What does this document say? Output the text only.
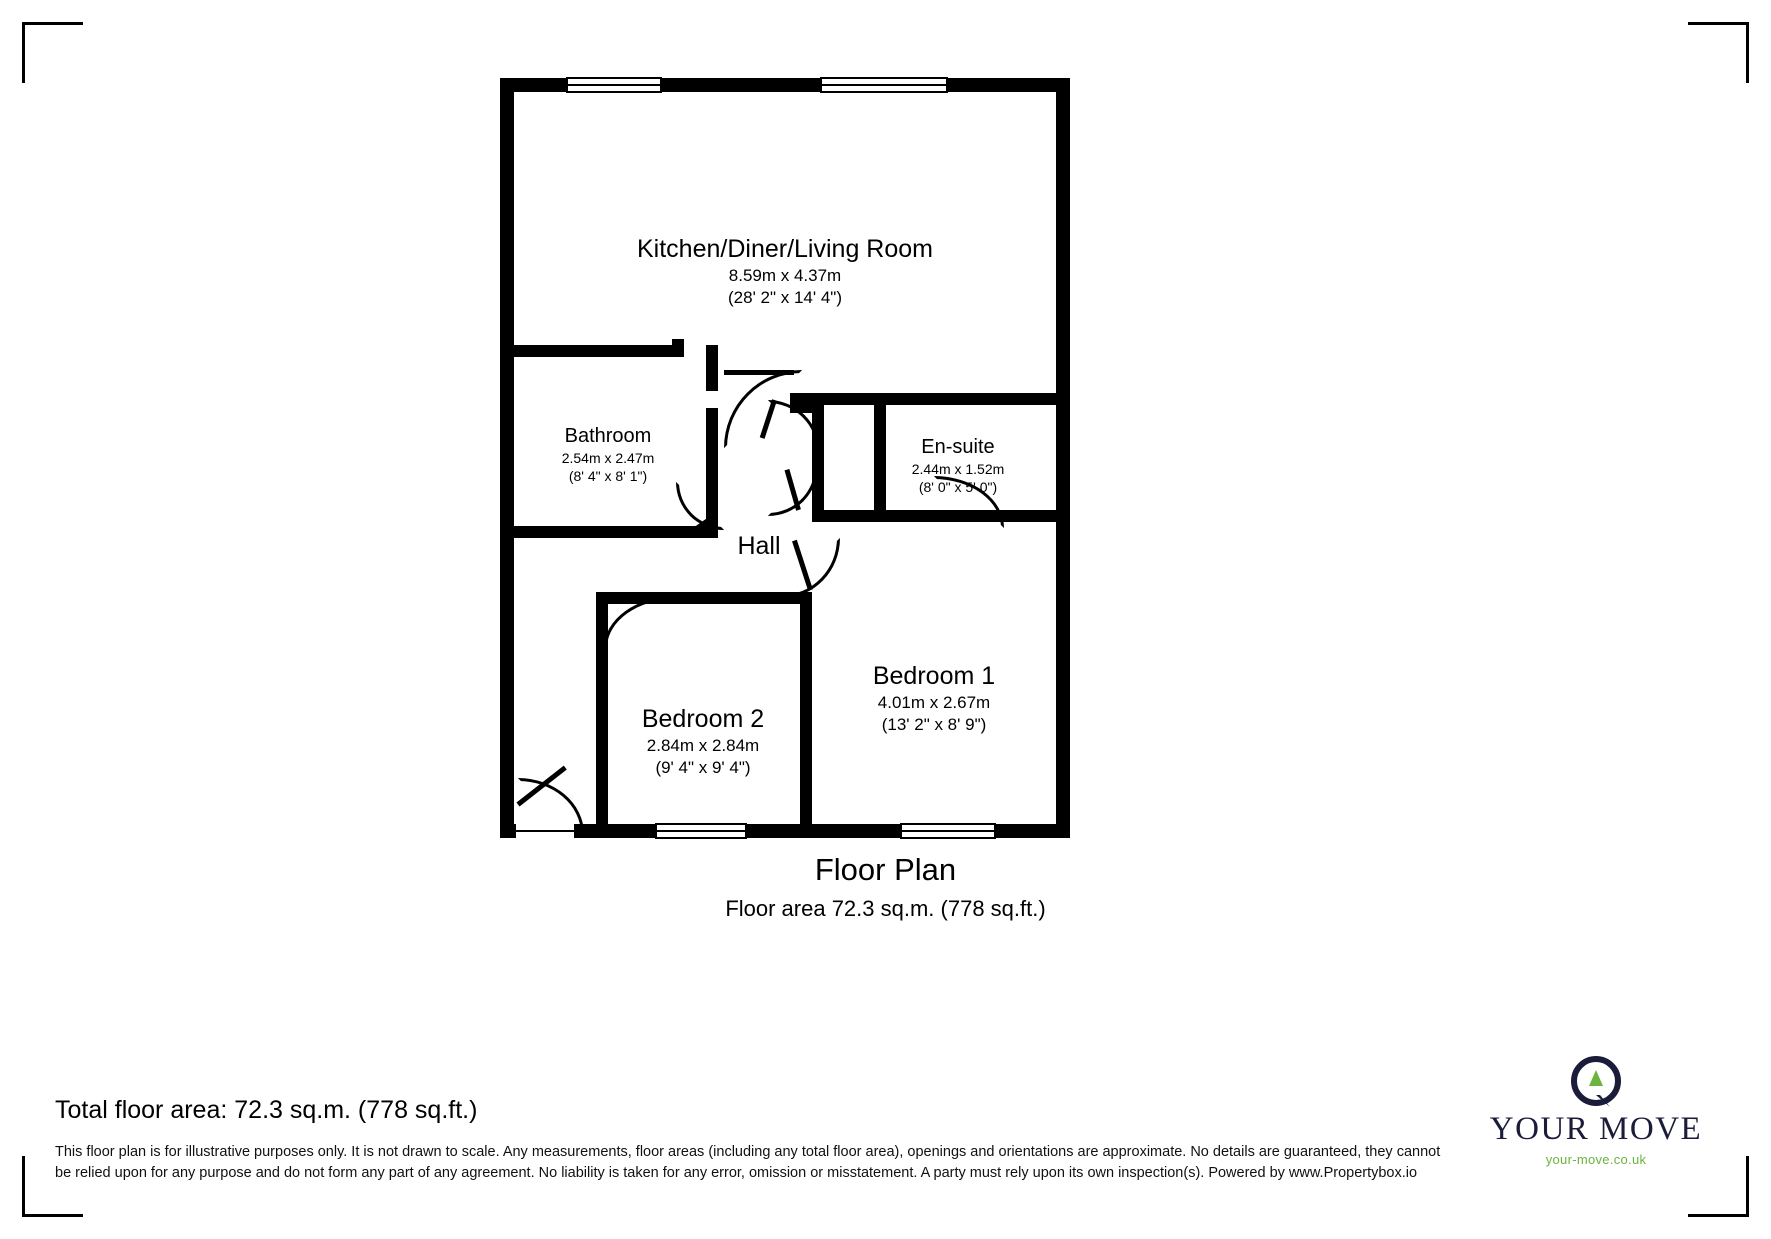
Kitchen/Diner/Living Room
8.59m x 4.37m
(28' 2" x 14' 4")
Bathroom
2.54m x 2.47m
(8' 4" x 8' 1")
En-suite
2.44m x 1.52m
(8' 0" x 5' 0")
Hall
Bedroom 1
4.01m x 2.67m
(13' 2" x 8' 9")
Bedroom 2
2.84m x 2.84m
(9' 4" x 9' 4")
Floor Plan
Floor area 72.3 sq.m. (778 sq.ft.)
Total floor area: 72.3 sq.m. (778 sq.ft.)
This floor plan is for illustrative purposes only. It is not drawn to scale. Any measurements, floor areas (including any total floor area), openings and orientations are approximate. No details are guaranteed, they cannot be relied upon for any purpose and do not form any part of any agreement. No liability is taken for any error, omission or misstatement. A party must rely upon its own inspection(s). Powered by www.Propertybox.io
YOUR MOVE
your-move.co.uk
